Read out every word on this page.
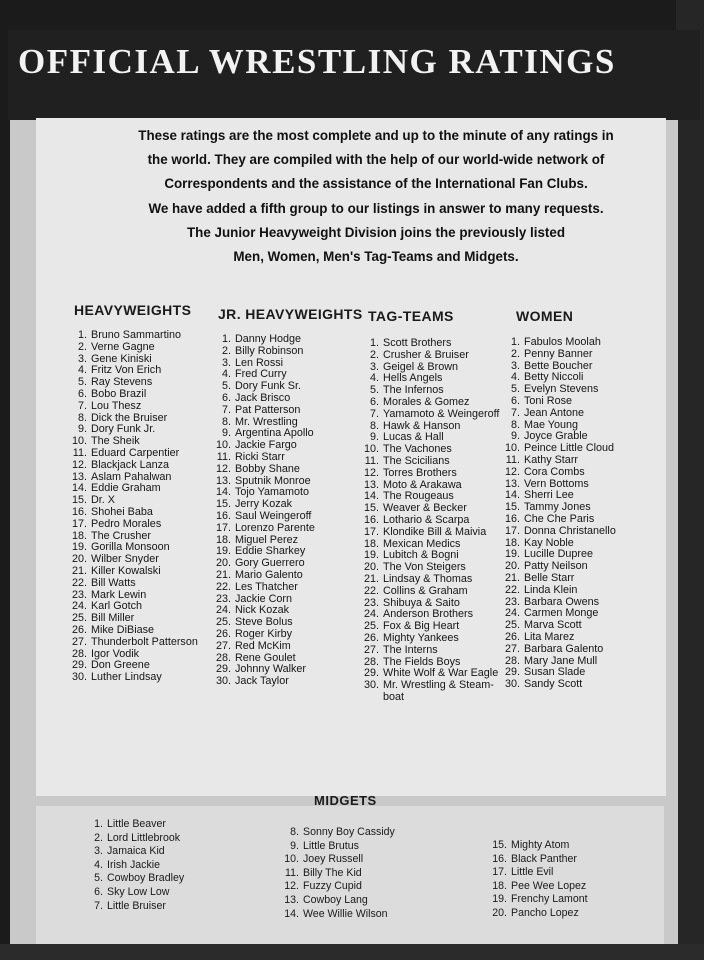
OFFICIAL WRESTLING RATINGS
These ratings are the most complete and up to the minute of any ratings in
the world. They are compiled with the help of our world-wide network of
Correspondents and the assistance of the International Fan Clubs.
We have added a fifth group to our listings in answer to many requests.
The Junior Heavyweight Division joins the previously listed
Men, Women, Men's Tag-Teams and Midgets.
HEAVYWEIGHTS JR. HEAVYWEIGHTS TAG-TEAMS	WOMEN
1. Bruno Sammartino
2. Verne Gagne
3. Gene Kiniski
4. Fritz Von Erich
5. Ray Stevens
6. Bobo Brazil
7. Lou Thesz
8. Dick the Bruiser
9. Dory Funk Jr.
10. The Sheik
11. Eduard Carpentier
12. Blackjack Lanza
13. Aslam Pahalwan
14. Eddie Graham
15. Dr. X
16. Shohei Baba
17. Pedro Morales
18. The Crusher
19. Gorilla Monsoon
20. Wilber Snyder
21. Killer Kowalski
22. Bill Watts
23. Mark Lewin
24. Karl Gotch
25. Bill Miller
26. Mike DiBiase
27. Thunderbolt Patterson
28. Igor Vodik
29. Don Greene
30. Luther Lindsay
1. Danny Hodge
2. Billy Robinson
3. Len Rossi
4. Fred Curry
5. Dory Funk Sr.
6. Jack Brisco
7. Pat Patterson
8. Mr. Wrestling
9. Argentina Apollo
10. Jackie Fargo
11. Ricki Starr
12. Bobby Shane
13. Sputnik Monroe
14. Tojo Yamamoto
15. Jerry Kozak
16. Saul Weingeroff
17. Lorenzo Parente
18. Miguel Perez
19. Eddie Sharkey
20. Gory Guerrero
21. Mario Galento
22. Les Thatcher
23. Jackie Corn
24. Nick Kozak
25. Steve Bolus
26. Roger Kirby
27. Red McKim
28. Rene Goulet
29. Johnny Walker
30. Jack Taylor
1. Scott Brothers
2. Crusher & Bruiser
3. Geigel & Brown
4. Hells Angels
5. The Infernos
6. Morales & Gomez
7. Yamamoto & Weingeroff
8. Hawk & Hanson
9. Lucas & Hall
10. The Vachones
11. The Scicilians
12. Torres Brothers
13. Moto & Arakawa
14. The Rougeaus
15. Weaver & Becker
16. Lothario & Scarpa
17. Klondike Bill & Maivia
18. Mexican Medics
19. Lubitch & Bogni
20. The Von Steigers
21. Lindsay & Thomas
22. Collins & Graham
23. Shibuya & Saito
24. Anderson Brothers
25. Fox & Big Heart
26. Mighty Yankees
27. The Interns
28. The Fields Boys
29. White Wolf & War Eagle
30. Mr. Wrestling & Steam-
boat
1. Fabulos Moolah
2. Penny Banner
3. Bette Boucher
4. Betty Niccoli
5. Evelyn Stevens
6. Toni Rose
7. Jean Antone
8. Mae Young
9. Joyce Grable
10. Peince Little Cloud
11. Kathy Starr
12. Cora Combs
13. Vern Bottoms
14. Sherri Lee
15. Tammy Jones
16. Che Che Paris
17. Donna Christanello
18. Kay Noble
19. Lucille Dupree
20. Patty Neilson
21. Belle Starr
22. Linda Klein
23. Barbara Owens
24. Carmen Monge
25. Marva Scott
26. Lita Marez
27. Barbara Galento
28. Mary Jane Mull
29. Susan Slade
30. Sandy Scott
MIDGETS
1. Little Beaver
2. Lord Littlebrook
3. Jamaica Kid
4. Irish Jackie
5. Cowboy Bradley
6. Sky Low Low
7. Little Bruiser
8. Sonny Boy Cassidy
9. Little Brutus
10. Joey Russell
11. Billy The Kid
12. Fuzzy Cupid
13. Cowboy Lang
14. Wee Willie Wilson
15. Mighty Atom
16. Black Panther
17. Little Evil
18. Pee Wee Lopez
19. Frenchy Lamont
20. Pancho Lopez
